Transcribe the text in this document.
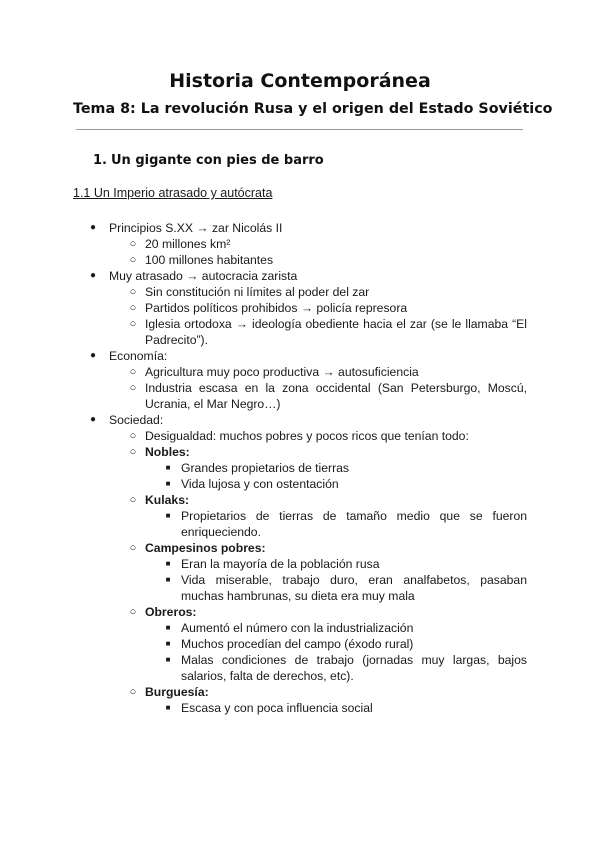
Historia Contemporánea
Tema 8: La revolución Rusa y el origen del Estado Soviético
1. Un gigante con pies de barro
1.1 Un Imperio atrasado y autócrata
● Principios S.XX → zar Nicolás II
○ 20 millones km²
○ 100 millones habitantes
● Muy atrasado → autocracia zarista
○ Sin constitución ni límites al poder del zar
○ Partidos políticos prohibidos → policía represora
○ Iglesia ortodoxa → ideología obediente hacia el zar (se le llamaba “El
Padrecito”).
● Economía:
○ Agricultura muy poco productiva → autosuficiencia
○ Industria escasa en la zona occidental (San Petersburgo, Moscú,
Ucrania, el Mar Negro…)
● Sociedad:
○ Desigualdad: muchos pobres y pocos ricos que tenían todo:
○ Nobles:
■ Grandes propietarios de tierras
■ Vida lujosa y con ostentación
○ Kulaks:
■ Propietarios de tierras de tamaño medio que se fueron
enriqueciendo.
○ Campesinos pobres:
■ Eran la mayoría de la población rusa
■ Vida miserable, trabajo duro, eran analfabetos, pasaban
muchas hambrunas, su dieta era muy mala
○ Obreros:
■ Aumentó el número con la industrialización
■ Muchos procedían del campo (éxodo rural)
■ Malas condiciones de trabajo (jornadas muy largas, bajos
salarios, falta de derechos, etc).
○ Burguesía:
■ Escasa y con poca influencia social
